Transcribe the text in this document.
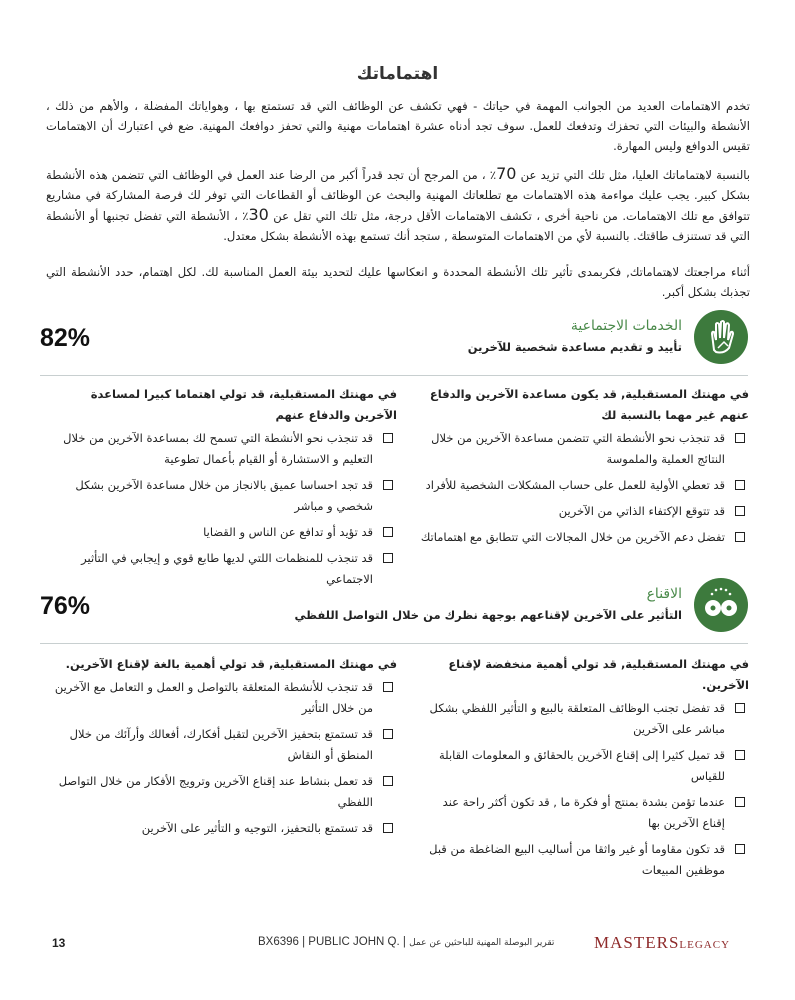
اهتماماتك

تخدم الاهتمامات العديد من الجوانب المهمة في حياتك - فهي تكشف عن الوظائف التي قد تستمتع بها ، وهواياتك المفضلة ، والأهم من ذلك ، الأنشطة والبيئات التي تحفزك وتدفعك للعمل. سوف تجد أدناه عشرة اهتمامات مهنية والتي تحفز دوافعك المهنية. ضع في اعتبارك أن الاهتمامات تقيس الدوافع وليس المهارة.

بالنسبة لاهتماماتك العليا، مثل تلك التي تزيد عن 70٪ ، من المرجح أن تجد قدراً أكبر من الرضا عند العمل في الوظائف التي تتضمن هذه الأنشطة بشكل كبير. يجب عليك مواءمة هذه الاهتمامات مع تطلعاتك المهنية والبحث عن الوظائف أو القطاعات التي توفر لك فرصة المشاركة في مشاريع تتوافق مع تلك الاهتمامات. من ناحية أخرى ، تكشف الاهتمامات الأقل درجة، مثل تلك التي تقل عن 30٪ ، الأنشطة التي تفضل تجنبها أو الأنشطة التي قد تستنزف طاقتك. بالنسبة لأي من الاهتمامات المتوسطة , ستجد أنك تستمع بهذه الأنشطة بشكل معتدل.

أثناء مراجعتك لاهتماماتك, فكربمدى تأثير تلك الأنشطة المحددة و انعكاسها عليك لتحديد بيئة العمل المناسبة لك. لكل اهتمام، حدد الأنشطة التي تجذبك بشكل أكبر.

الخدمات الاجتماعية
تأييد و تقديم مساعدة شخصية للآخرين
82%
في مهنتك المستقبلية, قد يكون مساعدة الآخرين والدفاع عنهم غير مهما بالنسبة لك
قد تنجذب نحو الأنشطة التي تتضمن مساعدة الآخرين من خلال النتائج العملية والملموسة
قد تعطي الأولية للعمل على حساب المشكلات الشخصية للأفراد
قد تتوقع الإكتفاء الذاتي من الآخرين
تفضل دعم الآخرين من خلال المجالات التي تتطابق مع اهتماماتك
في مهنتك المستقبلية، قد تولي اهتماما كبيرا لمساعدة الآخرين والدفاع عنهم
قد تنجذب نحو الأنشطة التي تسمح لك بمساعدة الآخرين من خلال التعليم و الاستشارة أو القيام بأعمال تطوعية
قد تجد احساسا عميق بالانجاز من خلال مساعدة الآخرين بشكل شخصي و مباشر
قد تؤيد أو تدافع عن الناس و القضايا
قد تنجذب للمنظمات اللتي لديها طابع قوي و إيجابي في التأثير الاجتماعي
الاقناع
التأثير على الآخرين لإقناعهم بوجهة نظرك من خلال التواصل اللفظي
76%
في مهنتك المستقبلية, قد تولي أهمية منخفضة لإقناع الآخرين.
قد تفضل تجنب الوظائف المتعلقة بالبيع و التأثير اللفظي بشكل مباشر على الآخرين
قد تميل كثيرا إلى إقناع الآخرين بالحقائق و المعلومات القابلة للقياس
عندما تؤمن بشدة بمنتج أو فكرة ما , قد تكون أكثر راحة عند إقناع الآخرين بها
قد تكون مقاوما أو غير واثقا من أساليب البيع الضاغطة من قبل موظفين المبيعات
في مهنتك المستقبلية, قد تولي أهمية بالغة لإقناع الآخرين.
قد تنجذب للأنشطة المتعلقة بالتواصل و العمل و التعامل مع الآخرين من خلال التأثير
قد تستمتع بتحفيز الآخرين لتقبل أفكارك، أفعالك وأرآئك من خلال المنطق أو النقاش
قد تعمل بنشاط عند إقناع الآخرين وترويج الأفكار من خلال التواصل اللفظي
قد تستمتع بالتحفيز، التوجيه و التأثير على الآخرين
13	BX6396 | PUBLIC JOHN Q. | تقرير البوصلة المهنية للباحثين عن عمل MASTERSLEGACY
